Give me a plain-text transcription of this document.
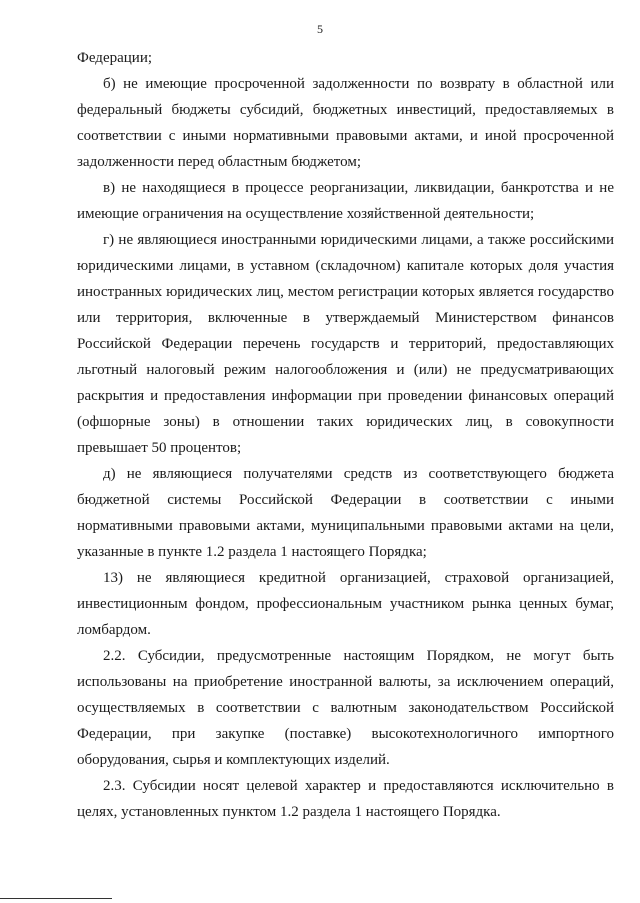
5

Федерации;

б) не имеющие просроченной задолженности по возврату в областной или федеральный бюджеты субсидий, бюджетных инвестиций, предоставляемых в соответствии с иными нормативными правовыми актами, и иной просроченной задолженности перед областным бюджетом;

в) не находящиеся в процессе реорганизации, ликвидации, банкротства и не имеющие ограничения на осуществление хозяйственной деятельности;

г) не являющиеся иностранными юридическими лицами, а также российскими юридическими лицами, в уставном (складочном) капитале которых доля участия иностранных юридических лиц, местом регистрации которых является государство или территория, включенные в утверждаемый Министерством финансов Российской Федерации перечень государств и территорий, предоставляющих льготный налоговый режим налогообложения и (или) не предусматривающих раскрытия и предоставления информации при проведении финансовых операций (офшорные зоны) в отношении таких юридических лиц, в совокупности превышает 50 процентов;

д) не являющиеся получателями средств из соответствующего бюджета бюджетной системы Российской Федерации в соответствии с иными нормативными правовыми актами, муниципальными правовыми актами на цели, указанные в пункте 1.2 раздела 1 настоящего Порядка;

13) не являющиеся кредитной организацией, страховой организацией, инвестиционным фондом, профессиональным участником рынка ценных бумаг, ломбардом.

2.2. Субсидии, предусмотренные настоящим Порядком, не могут быть использованы на приобретение иностранной валюты, за исключением операций, осуществляемых в соответствии с валютным законодательством Российской Федерации, при закупке (поставке) высокотехнологичного импортного оборудования, сырья и комплектующих изделий.

2.3. Субсидии носят целевой характер и предоставляются исключительно в целях, установленных пунктом 1.2 раздела 1 настоящего Порядка.
